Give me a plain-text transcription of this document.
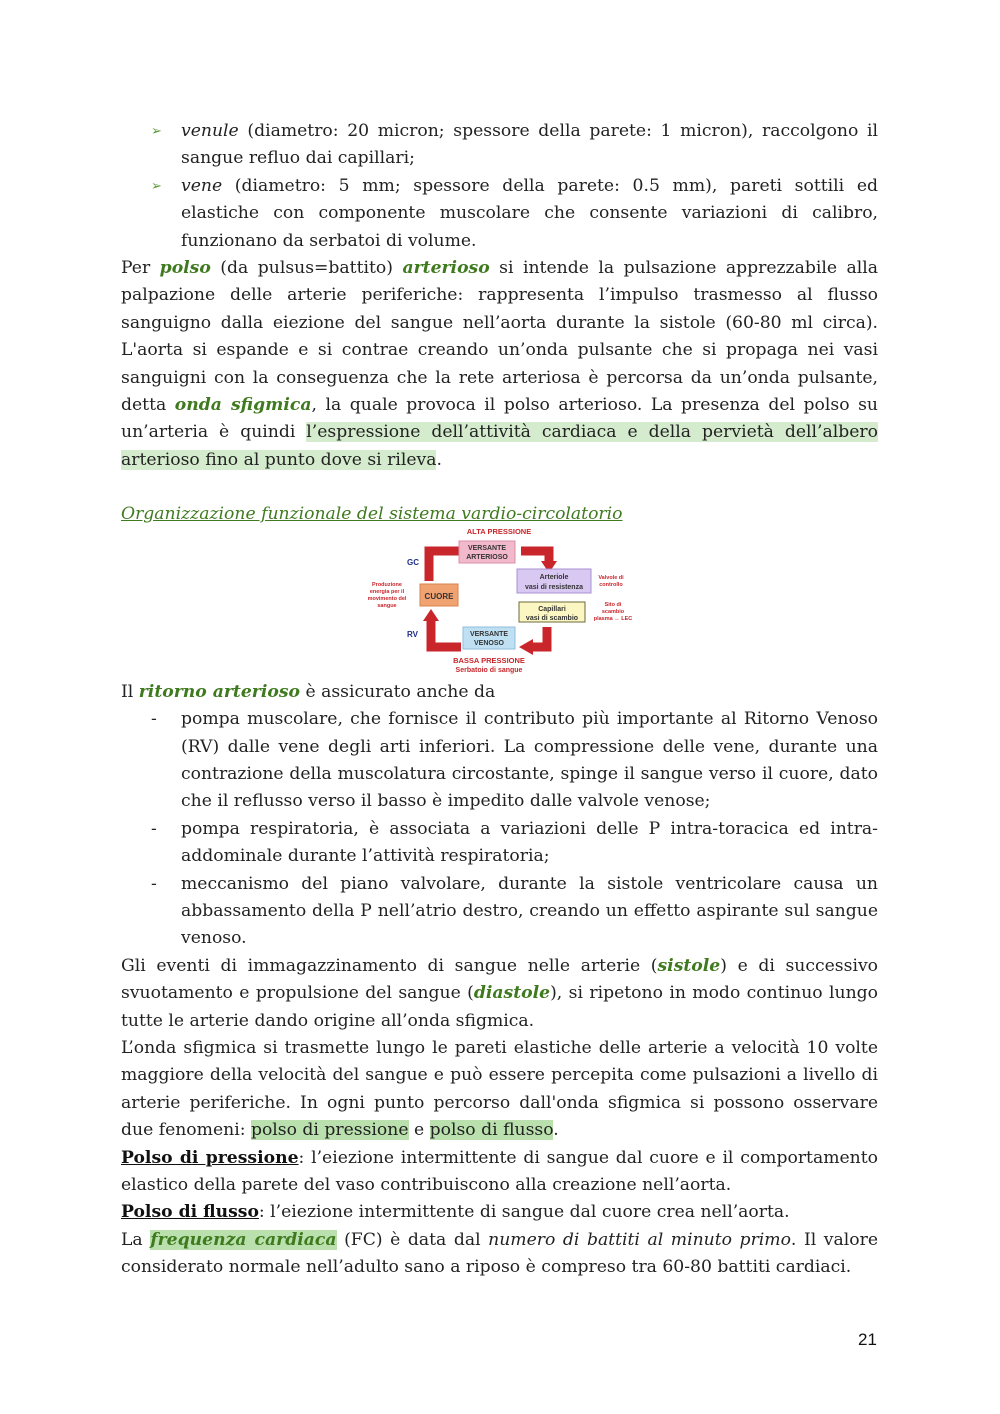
➢ venule (diametro: 20 micron; spessore della parete: 1 micron), raccolgono il sangue refluo dai capillari;
➢ vene (diametro: 5 mm; spessore della parete: 0.5 mm), pareti sottili ed elastiche con componente muscolare che consente variazioni di calibro, funzionano da serbatoi di volume.

Per polso (da pulsus=battito) arterioso si intende la pulsazione apprezzabile alla palpazione delle arterie periferiche: rappresenta l’impulso trasmesso al flusso sanguigno dalla eiezione del sangue nell’aorta durante la sistole (60-80 ml circa). L'aorta si espande e si contrae creando un’onda pulsante che si propaga nei vasi sanguigni con la conseguenza che la rete arteriosa è percorsa da un’onda pulsante, detta onda sfigmica, la quale provoca il polso arterioso. La presenza del polso su un’arteria è quindi l’espressione dell’attività cardiaca e della pervietà dell’albero arterioso fino al punto dove si rileva.

Organizzazione funzionale del sistema vardio-circolatorio

ALTA PRESSIONE
VERSANTE
ARTERIOSO
GC
RV
CUORE
Produzione
energia per il
movimento del
sangue
Arteriole
vasi di resistenza
Valvole di
controllo
Capillari
vasi di scambio
Sito di
scambio
plasma ↔ LEC
VERSANTE
VENOSO
BASSA PRESSIONE
Serbatoio di sangue

Il ritorno arterioso è assicurato anche da

- pompa muscolare, che fornisce il contributo più importante al Ritorno Venoso (RV) dalle vene degli arti inferiori. La compressione delle vene, durante una contrazione della muscolatura circostante, spinge il sangue verso il cuore, dato che il reflusso verso il basso è impedito dalle valvole venose;
- pompa respiratoria, è associata a variazioni delle P intra-toracica ed intra-addominale durante l’attività respiratoria;
- meccanismo del piano valvolare, durante la sistole ventricolare causa un abbassamento della P nell’atrio destro, creando un effetto aspirante sul sangue venoso.

Gli eventi di immagazzinamento di sangue nelle arterie (sistole) e di successivo svuotamento e propulsione del sangue (diastole), si ripetono in modo continuo lungo tutte le arterie dando origine all’onda sfigmica.

L’onda sfigmica si trasmette lungo le pareti elastiche delle arterie a velocità 10 volte maggiore della velocità del sangue e può essere percepita come pulsazioni a livello di arterie periferiche. In ogni punto percorso dall'onda sfigmica si possono osservare due fenomeni: polso di pressione e polso di flusso.

Polso di pressione: l’eiezione intermittente di sangue dal cuore e il comportamento elastico della parete del vaso contribuiscono alla creazione nell’aorta.

Polso di flusso: l’eiezione intermittente di sangue dal cuore crea nell’aorta.

La frequenza cardiaca (FC) è data dal numero di battiti al minuto primo. Il valore considerato normale nell’adulto sano a riposo è compreso tra 60-80 battiti cardiaci.

21
